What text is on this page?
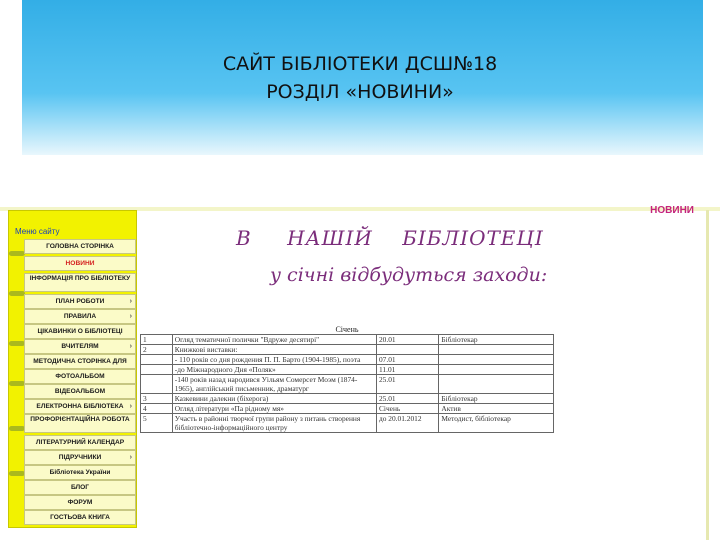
САЙТ БІБЛІОТЕКИ ДСШ№18
РОЗДІЛ «НОВИНИ»
НОВИНИ
Меню сайту
ГОЛОВНА СТОРІНКА
НОВИНИ
ІНФОРМАЦІЯ ПРО БІБЛІОТЕКУ
ПЛАН РОБОТИ	›
ПРАВИЛА	›
ЦІКАВИНКИ О БІБЛІОТЕЦІ
ВЧИТЕЛЯМ	›
МЕТОДИЧНА СТОРІНКА ДЛЯ
ФОТОАЛЬБОМ
ВІДЕОАЛЬБОМ
ЕЛЕКТРОННА БІБЛІОТЕКА ›
ПРОФОРІЄНТАЦІЙНА РОБОТА
ЛІТЕРАТУРНИЙ КАЛЕНДАР
ПІДРУЧНИКИ	›
Бібліотека України
БЛОГ
ФОРУМ
ГОСТЬОВА КНИГА
В НАШІЙ БІБЛІОТЕЦІ
у січні відбудуться заходи:
Січень
1	Огляд тематичної полички "Вдруже десятирі"	20.01	Бібліотекар
2	Книжкові виставки:		
	- 110 років со дня рождения П. П. Барто (1904-1985), поэта	07.01	
	-до Міжнародного Дня «Поляк»	11.01	
	-140 років назад народився Уільям Сомерсет Моэм (1874-1965), англійський письменник, драматург	25.01	
3	Казкевини далекни (біхерога)	25.01	Бібліотекар
4	Огляд літератури «Па рідному мя»	Січень	Актив
5	Участь в районні творчої групи району з питань створення бібліотечно-інформаційного центру	до 20.01.2012	Методист, бібліотекар
